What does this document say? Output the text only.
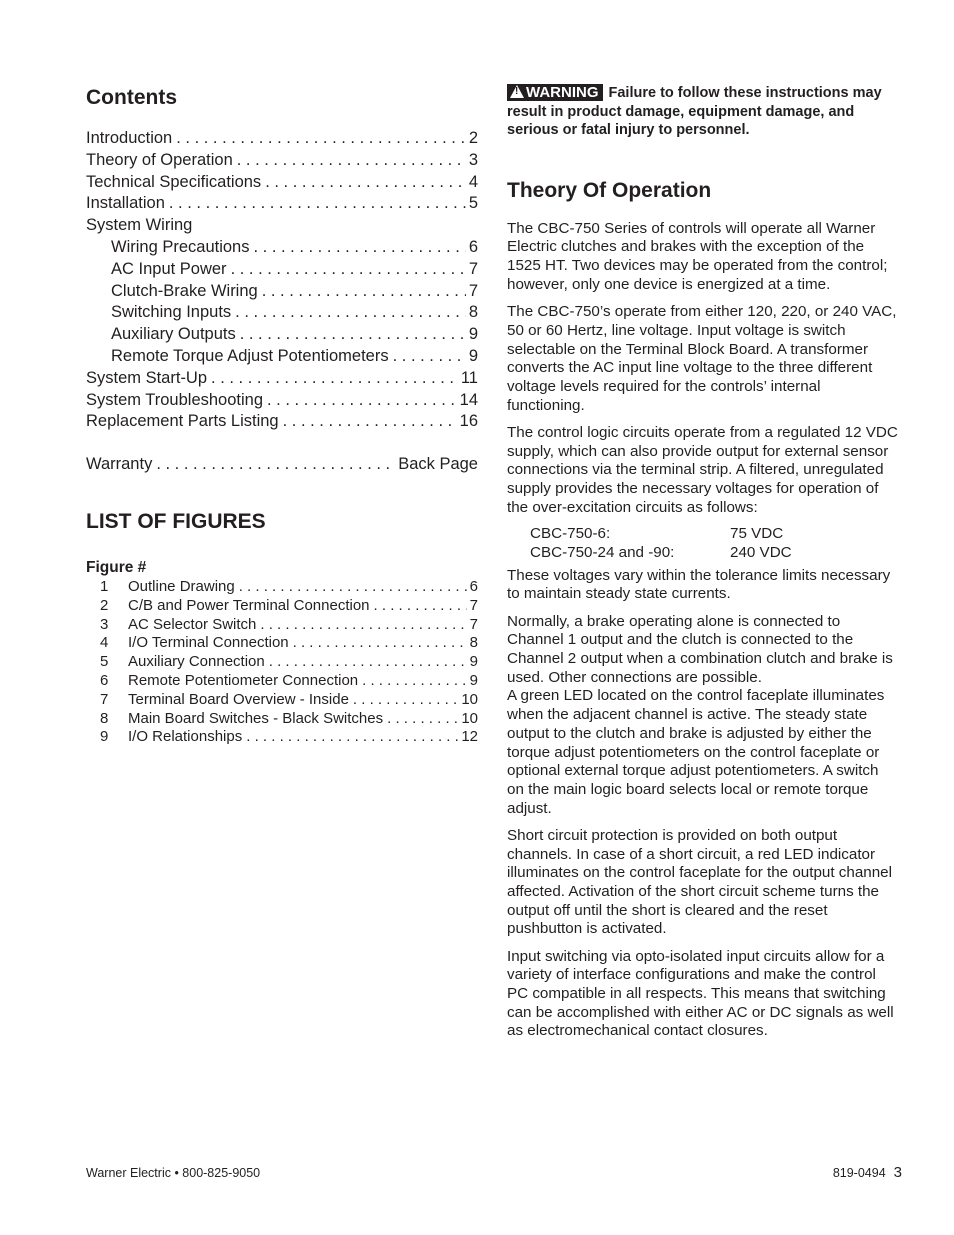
Contents
Introduction . . .	2
Theory of Operation . . .	3
Technical Specifications . . .	4
Installation . . .	5
System Wiring
Wiring Precautions . . .	6
AC Input Power . . .	7
Clutch-Brake Wiring . . .	7
Switching Inputs . . .	8
Auxiliary Outputs . . .	9
Remote Torque Adjust Potentiometers . . .	9
System Start-Up . . .	11
System Troubleshooting . . .	14
Replacement Parts Listing . . .	16
Warranty . . .	Back Page
LIST OF FIGURES
Figure #
1	Outline Drawing . . .	6
2	C/B and Power Terminal Connection . . .	7
3	AC Selector Switch . . .	7
4	I/O Terminal Connection . . .	8
5	Auxiliary Connection . . .	9
6	Remote Potentiometer Connection . . .	9
7	Terminal Board Overview - Inside . . .	10
8	Main Board Switches - Black Switches . . .	10
9	I/O Relationships . . .	12
!WARNING Failure to follow these instructions may result in product damage, equipment damage, and serious or fatal injury to personnel.
Theory Of Operation

The CBC-750 Series of controls will operate all Warner Electric clutches and brakes with the exception of the 1525 HT. Two devices may be operated from the control; however, only one device is energized at a time.

The CBC-750’s operate from either 120, 220, or 240 VAC, 50 or 60 Hertz, line voltage. Input voltage is switch selectable on the Terminal Block Board. A transformer converts the AC input line voltage to the three different voltage levels required for the controls’ internal functioning.

The control logic circuits operate from a regulated 12 VDC supply, which can also provide output for external sensor connections via the terminal strip. A filtered, unregulated supply provides the necessary voltages for operation of the over-excitation circuits as follows:

CBC-750-6:	75 VDC
CBC-750-24 and -90:	240 VDC

These voltages vary within the tolerance limits necessary to maintain steady state currents.

Normally, a brake operating alone is connected to Channel 1 output and the clutch is connected to the Channel 2 output when a combination clutch and brake is used. Other connections are possible.

A green LED located on the control faceplate illuminates when the adjacent channel is active. The steady state output to the clutch and brake is adjusted by either the torque adjust potentiometers on the control faceplate or optional external torque adjust potentiometers. A switch on the main logic board selects local or remote torque adjust.

Short circuit protection is provided on both output channels. In case of a short circuit, a red LED indicator illuminates on the control faceplate for the output channel affected. Activation of the short circuit scheme turns the output off until the short is cleared and the reset pushbutton is activated.

Input switching via opto-isolated input circuits allow for a variety of interface configurations and make the control PC compatible in all respects. This means that switching can be accomplished with either AC or DC signals as well as electromechanical contact closures.

Warner Electric • 800-825-9050	819-0494 3
